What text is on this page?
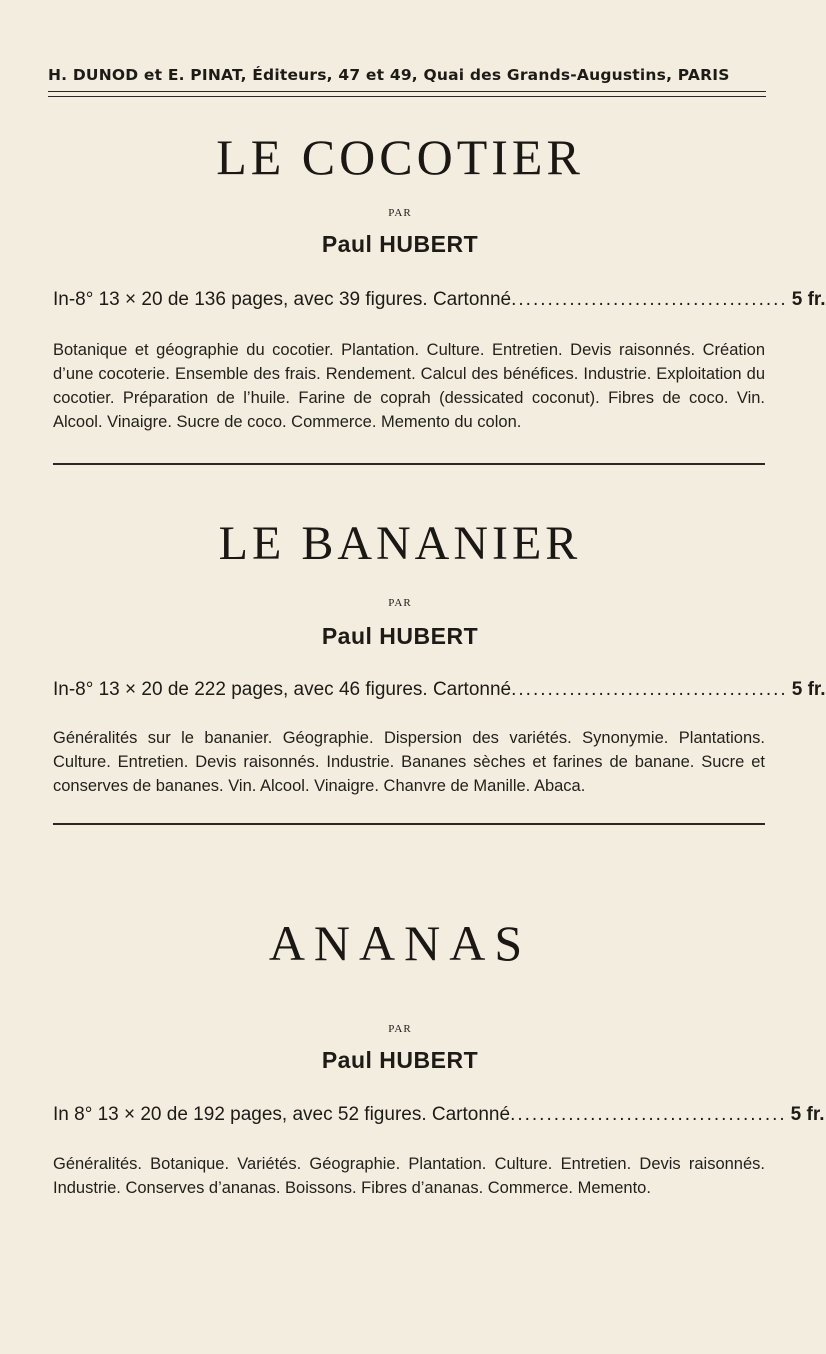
H. DUNOD et E. PINAT, Éditeurs, 47 et 49, Quai des Grands-Augustins, PARIS
LE COCOTIER
PAR
Paul HUBERT
In-8° 13 × 20 de 136 pages, avec 39 figures. Cartonné ...................................... 5 fr.
Botanique et géographie du cocotier. Plantation. Culture. Entretien. Devis raisonnés. Création d’une cocoterie. Ensemble des frais. Rendement. Calcul des bénéfices. Industrie. Exploitation du cocotier. Préparation de l’huile. Farine de coprah (dessicated coconut). Fibres de coco. Vin. Alcool. Vinaigre. Sucre de coco. Commerce. Memento du colon.
LE BANANIER
PAR
Paul HUBERT
In-8° 13 × 20 de 222 pages, avec 46 figures. Cartonné ...................................... 5 fr.
Généralités sur le bananier. Géographie. Dispersion des variétés. Synonymie. Plantations. Culture. Entretien. Devis raisonnés. Industrie. Bananes sèches et farines de banane. Sucre et conserves de bananes. Vin. Alcool. Vinaigre. Chanvre de Manille. Abaca.
ANANAS
PAR
Paul HUBERT
In 8° 13 × 20 de 192 pages, avec 52 figures. Cartonné ...................................... 5 fr.
Généralités. Botanique. Variétés. Géographie. Plantation. Culture. Entretien. Devis raisonnés. Industrie. Conserves d’ananas. Boissons. Fibres d’ananas. Commerce. Memento.
